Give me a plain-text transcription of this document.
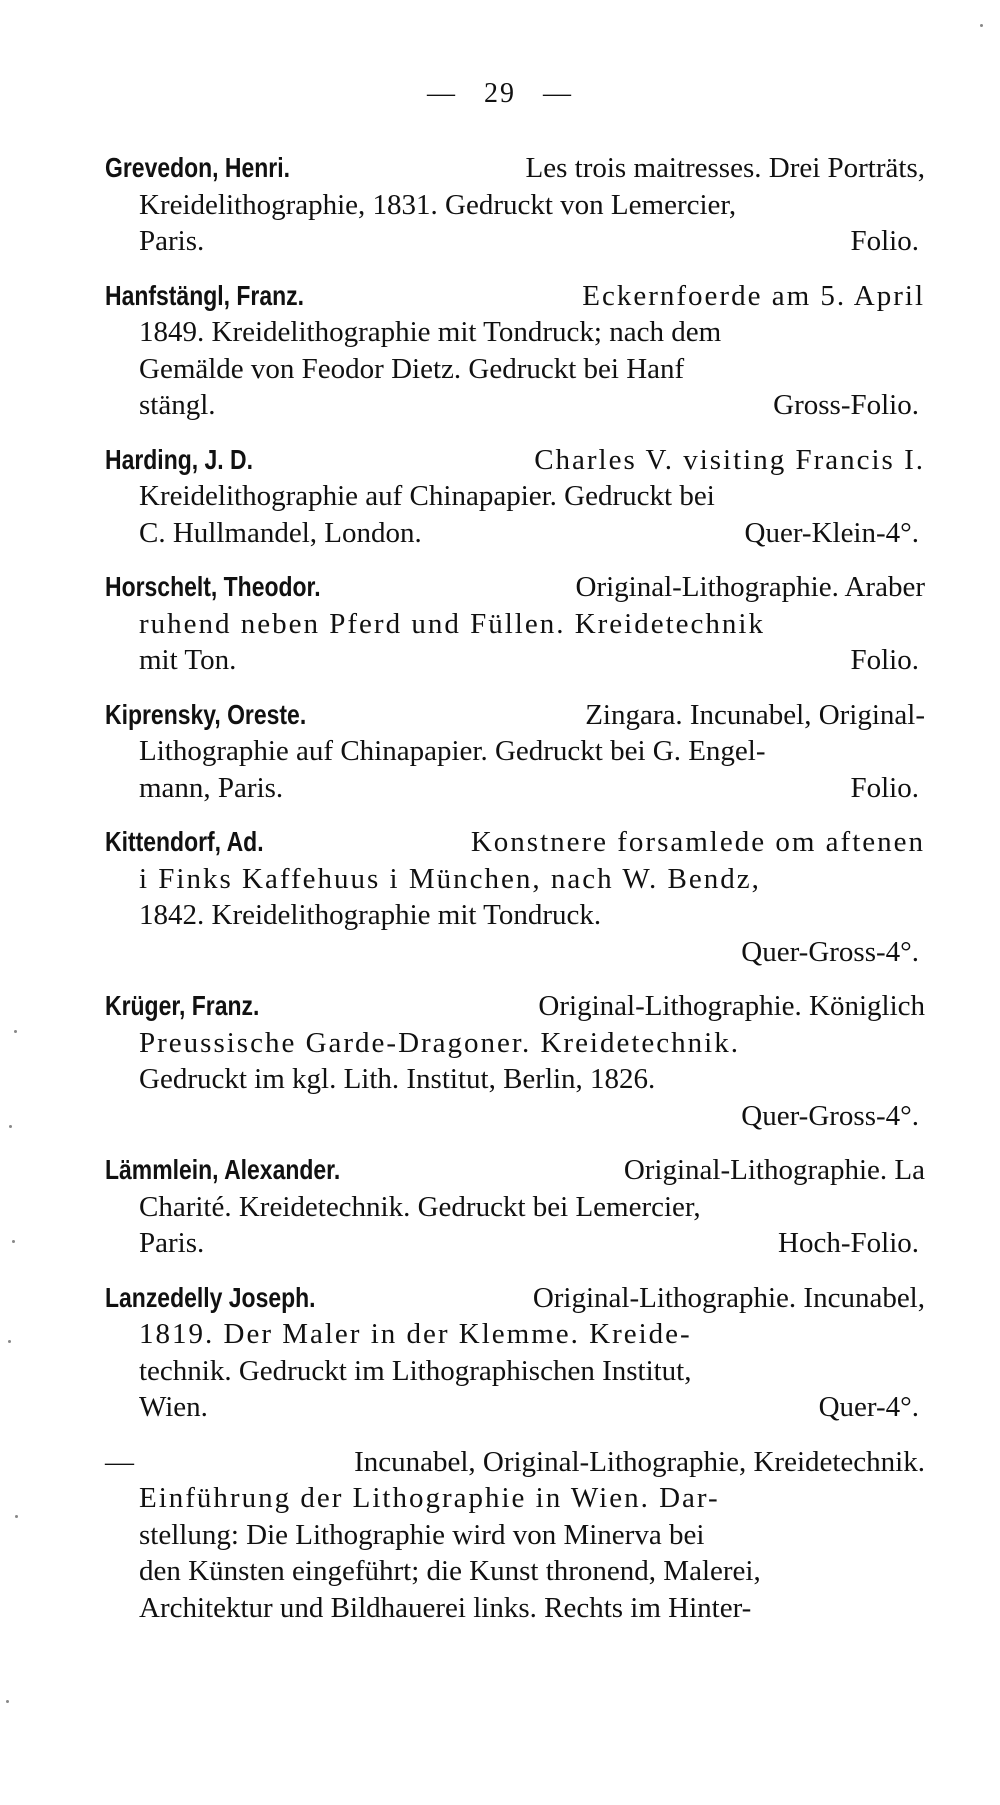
— 29 —
Grevedon, Henri.	Les trois maitresses. Drei Porträts,
Kreidelithographie, 1831. Gedruckt von Lemercier,
Paris.	Folio.
Hanfstängl, Franz.	Eckernfoerde am 5. April
1849. Kreidelithographie mit Tondruck; nach dem
Gemälde von Feodor Dietz. Gedruckt bei Hanf
stängl.	Gross-Folio.
Harding, J. D.	Charles V. visiting Francis I.
Kreidelithographie auf Chinapapier. Gedruckt bei
C. Hullmandel, London.	Quer-Klein-4°.
Horschelt, Theodor.	Original-Lithographie. Araber
ruhend neben Pferd und Füllen. Kreidetechnik
mit Ton.	Folio.
Kiprensky, Oreste.	Zingara. Incunabel, Original-
Lithographie auf Chinapapier. Gedruckt bei G. Engel-
mann, Paris.	Folio.
Kittendorf, Ad.	Konstnere forsamlede om aftenen
i Finks Kaffehuus i München, nach W. Bendz,
1842. Kreidelithographie mit Tondruck.
Quer-Gross-4°.
Krüger, Franz.	Original-Lithographie. Königlich
Preussische Garde-Dragoner. Kreidetechnik.
Gedruckt im kgl. Lith. Institut, Berlin, 1826.
Quer-Gross-4°.
Lämmlein, Alexander.	Original-Lithographie. La
Charité. Kreidetechnik. Gedruckt bei Lemercier,
Paris.	Hoch-Folio.
Lanzedelly Joseph.	Original-Lithographie. Incunabel,
1819. Der Maler in der Klemme. Kreide-
technik. Gedruckt im Lithographischen Institut,
Wien.	Quer-4°.
—	Incunabel, Original-Lithographie, Kreidetechnik.
Einführung der Lithographie in Wien. Dar-
stellung: Die Lithographie wird von Minerva bei
den Künsten eingeführt; die Kunst thronend, Malerei,
Architektur und Bildhauerei links. Rechts im Hinter-
